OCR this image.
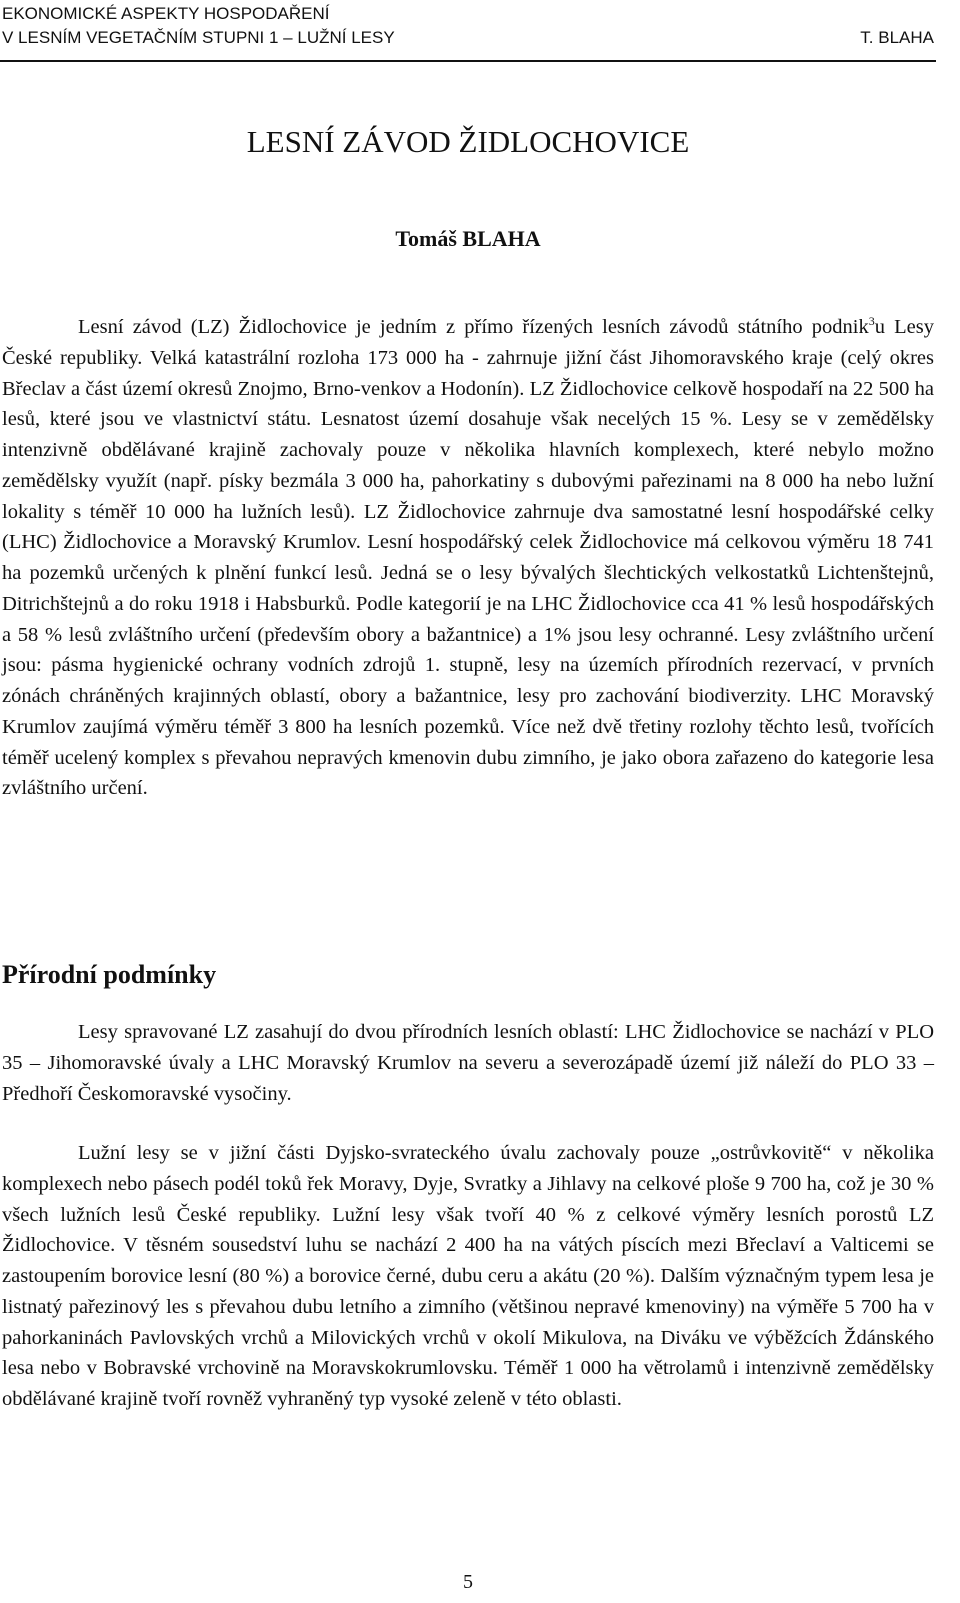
EKONOMICKÉ ASPEKTY HOSPODAŘENÍ
V LESNÍM VEGETAČNÍM STUPNI 1 – LUŽNÍ LESY	T. BLAHA
LESNÍ ZÁVOD ŽIDLOCHOVICE
Tomáš BLAHA

Lesní závod (LZ) Židlochovice je jedním z přímo řízených lesních závodů státního podnik$^3$u Lesy České republiky. Velká katastrální rozloha 173 000 ha - zahrnuje jižní část Jihomoravského kraje (celý okres Břeclav a část území okresů Znojmo, Brno-venkov a Hodonín). LZ Židlochovice celkově hospodaří na 22 500 ha lesů, které jsou ve vlastnictví státu. Lesnatost území dosahuje však necelých 15 %. Lesy se v zemědělsky intenzivně obdělávané krajině zachovaly pouze v několika hlavních komplexech, které nebylo možno zemědělsky využít (např. písky bezmála 3 000 ha, pahorkatiny s dubovými pařezinami na 8 000 ha nebo lužní lokality s téměř 10 000 ha lužních lesů). LZ Židlochovice zahrnuje dva samostatné lesní hospodářské celky (LHC) Židlochovice a Moravský Krumlov. Lesní hospodářský celek Židlochovice má celkovou výměru 18 741 ha pozemků určených k plnění funkcí lesů. Jedná se o lesy bývalých šlechtických velkostatků Lichtenštejnů, Ditrichštejnů a do roku 1918 i Habsburků. Podle kategorií je na LHC Židlochovice cca 41 % lesů hospodářských a 58 % lesů zvláštního určení (především obory a bažantnice) a 1% jsou lesy ochranné. Lesy zvláštního určení jsou: pásma hygienické ochrany vodních zdrojů 1. stupně, lesy na územích přírodních rezervací, v prvních zónách chráněných krajinných oblastí, obory a bažantnice, lesy pro zachování biodiverzity. LHC Moravský Krumlov zaujímá výměru téměř 3 800 ha lesních pozemků. Více než dvě třetiny rozlohy těchto lesů, tvořících téměř ucelený komplex s převahou nepravých kmenovin dubu zimního, je jako obora zařazeno do kategorie lesa zvláštního určení.

Přírodní podmínky

Lesy spravované LZ zasahují do dvou přírodních lesních oblastí: LHC Židlochovice se nachází v PLO 35 – Jihomoravské úvaly a LHC Moravský Krumlov na severu a severozápadě území již náleží do PLO 33 – Předhoří Českomoravské vysočiny.

Lužní lesy se v jižní části Dyjsko-svrateckého úvalu zachovaly pouze „ostrůvkovitě“ v několika komplexech nebo pásech podél toků řek Moravy, Dyje, Svratky a Jihlavy na celkové ploše 9 700 ha, což je 30 % všech lužních lesů České republiky. Lužní lesy však tvoří 40 % z celkové výměry lesních porostů LZ Židlochovice. V těsném sousedství luhu se nachází 2 400 ha na vátých píscích mezi Břeclaví a Valticemi se zastoupením borovice lesní (80 %) a borovice černé, dubu ceru a akátu (20 %). Dalším význačným typem lesa je listnatý pařezinový les s převahou dubu letního a zimního (většinou nepravé kmenoviny) na výměře 5 700 ha v pahorkaninách Pavlovských vrchů a Milovických vrchů v okolí Mikulova, na Diváku ve výběžcích Ždánského lesa nebo v Bobravské vrchovině na Moravskokrumlovsku. Téměř 1 000 ha větrolamů i intenzivně zemědělsky obdělávané krajině tvoří rovněž vyhraněný typ vysoké zeleně v této oblasti.

5
